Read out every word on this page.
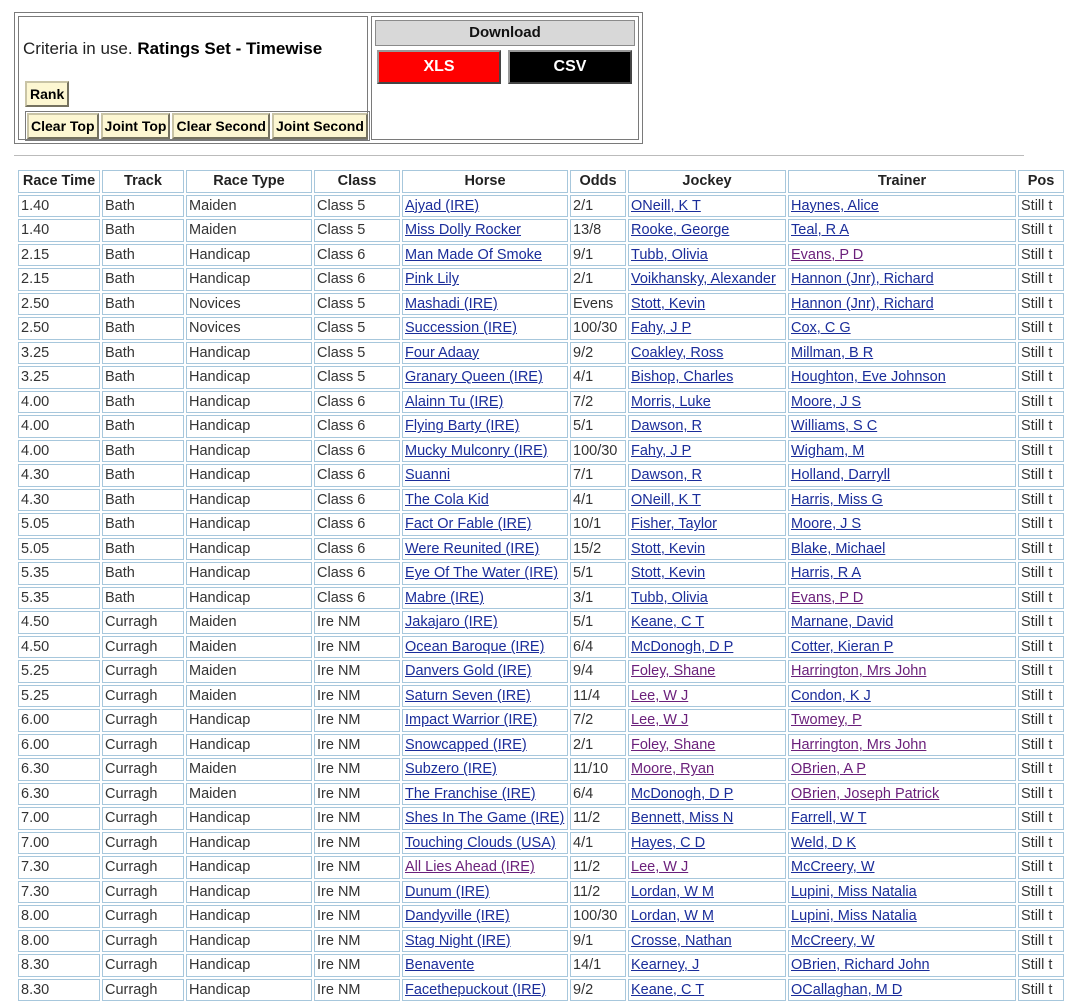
Criteria in use. Ratings Set - Timewise
Rank
Clear Top Joint Top Clear Second Joint Second
Download
XLS	CSV
Race Time	Track	Race Type	Class	Horse	Odds	Jockey	Trainer	Pos
1.40	Bath	Maiden	Class 5	Ajyad (IRE)	2/1	ONeill, K T	Haynes, Alice	Still t
1.40	Bath	Maiden	Class 5	Miss Dolly Rocker	13/8	Rooke, George	Teal, R A	Still t
2.15	Bath	Handicap	Class 6	Man Made Of Smoke	9/1	Tubb, Olivia	Evans, P D	Still t
2.15	Bath	Handicap	Class 6	Pink Lily	2/1	Voikhansky, Alexander	Hannon (Jnr), Richard	Still t
2.50	Bath	Novices	Class 5	Mashadi (IRE)	Evens	Stott, Kevin	Hannon (Jnr), Richard	Still t
2.50	Bath	Novices	Class 5	Succession (IRE)	100/30	Fahy, J P	Cox, C G	Still t
3.25	Bath	Handicap	Class 5	Four Adaay	9/2	Coakley, Ross	Millman, B R	Still t
3.25	Bath	Handicap	Class 5	Granary Queen (IRE)	4/1	Bishop, Charles	Houghton, Eve Johnson	Still t
4.00	Bath	Handicap	Class 6	Alainn Tu (IRE)	7/2	Morris, Luke	Moore, J S	Still t
4.00	Bath	Handicap	Class 6	Flying Barty (IRE)	5/1	Dawson, R	Williams, S C	Still t
4.00	Bath	Handicap	Class 6	Mucky Mulconry (IRE)	100/30	Fahy, J P	Wigham, M	Still t
4.30	Bath	Handicap	Class 6	Suanni	7/1	Dawson, R	Holland, Darryll	Still t
4.30	Bath	Handicap	Class 6	The Cola Kid	4/1	ONeill, K T	Harris, Miss G	Still t
5.05	Bath	Handicap	Class 6	Fact Or Fable (IRE)	10/1	Fisher, Taylor	Moore, J S	Still t
5.05	Bath	Handicap	Class 6	Were Reunited (IRE)	15/2	Stott, Kevin	Blake, Michael	Still t
5.35	Bath	Handicap	Class 6	Eye Of The Water (IRE)	5/1	Stott, Kevin	Harris, R A	Still t
5.35	Bath	Handicap	Class 6	Mabre (IRE)	3/1	Tubb, Olivia	Evans, P D	Still t
4.50	Curragh	Maiden	Ire NM	Jakajaro (IRE)	5/1	Keane, C T	Marnane, David	Still t
4.50	Curragh	Maiden	Ire NM	Ocean Baroque (IRE)	6/4	McDonogh, D P	Cotter, Kieran P	Still t
5.25	Curragh	Maiden	Ire NM	Danvers Gold (IRE)	9/4	Foley, Shane	Harrington, Mrs John	Still t
5.25	Curragh	Maiden	Ire NM	Saturn Seven (IRE)	11/4	Lee, W J	Condon, K J	Still t
6.00	Curragh	Handicap	Ire NM	Impact Warrior (IRE)	7/2	Lee, W J	Twomey, P	Still t
6.00	Curragh	Handicap	Ire NM	Snowcapped (IRE)	2/1	Foley, Shane	Harrington, Mrs John	Still t
6.30	Curragh	Maiden	Ire NM	Subzero (IRE)	11/10	Moore, Ryan	OBrien, A P	Still t
6.30	Curragh	Maiden	Ire NM	The Franchise (IRE)	6/4	McDonogh, D P	OBrien, Joseph Patrick	Still t
7.00	Curragh	Handicap	Ire NM	Shes In The Game (IRE)	11/2	Bennett, Miss N	Farrell, W T	Still t
7.00	Curragh	Handicap	Ire NM	Touching Clouds (USA)	4/1	Hayes, C D	Weld, D K	Still t
7.30	Curragh	Handicap	Ire NM	All Lies Ahead (IRE)	11/2	Lee, W J	McCreery, W	Still t
7.30	Curragh	Handicap	Ire NM	Dunum (IRE)	11/2	Lordan, W M	Lupini, Miss Natalia	Still t
8.00	Curragh	Handicap	Ire NM	Dandyville (IRE)	100/30	Lordan, W M	Lupini, Miss Natalia	Still t
8.00	Curragh	Handicap	Ire NM	Stag Night (IRE)	9/1	Crosse, Nathan	McCreery, W	Still t
8.30	Curragh	Handicap	Ire NM	Benavente	14/1	Kearney, J	OBrien, Richard John	Still t
8.30	Curragh	Handicap	Ire NM	Facethepuckout (IRE)	9/2	Keane, C T	OCallaghan, M D	Still t
